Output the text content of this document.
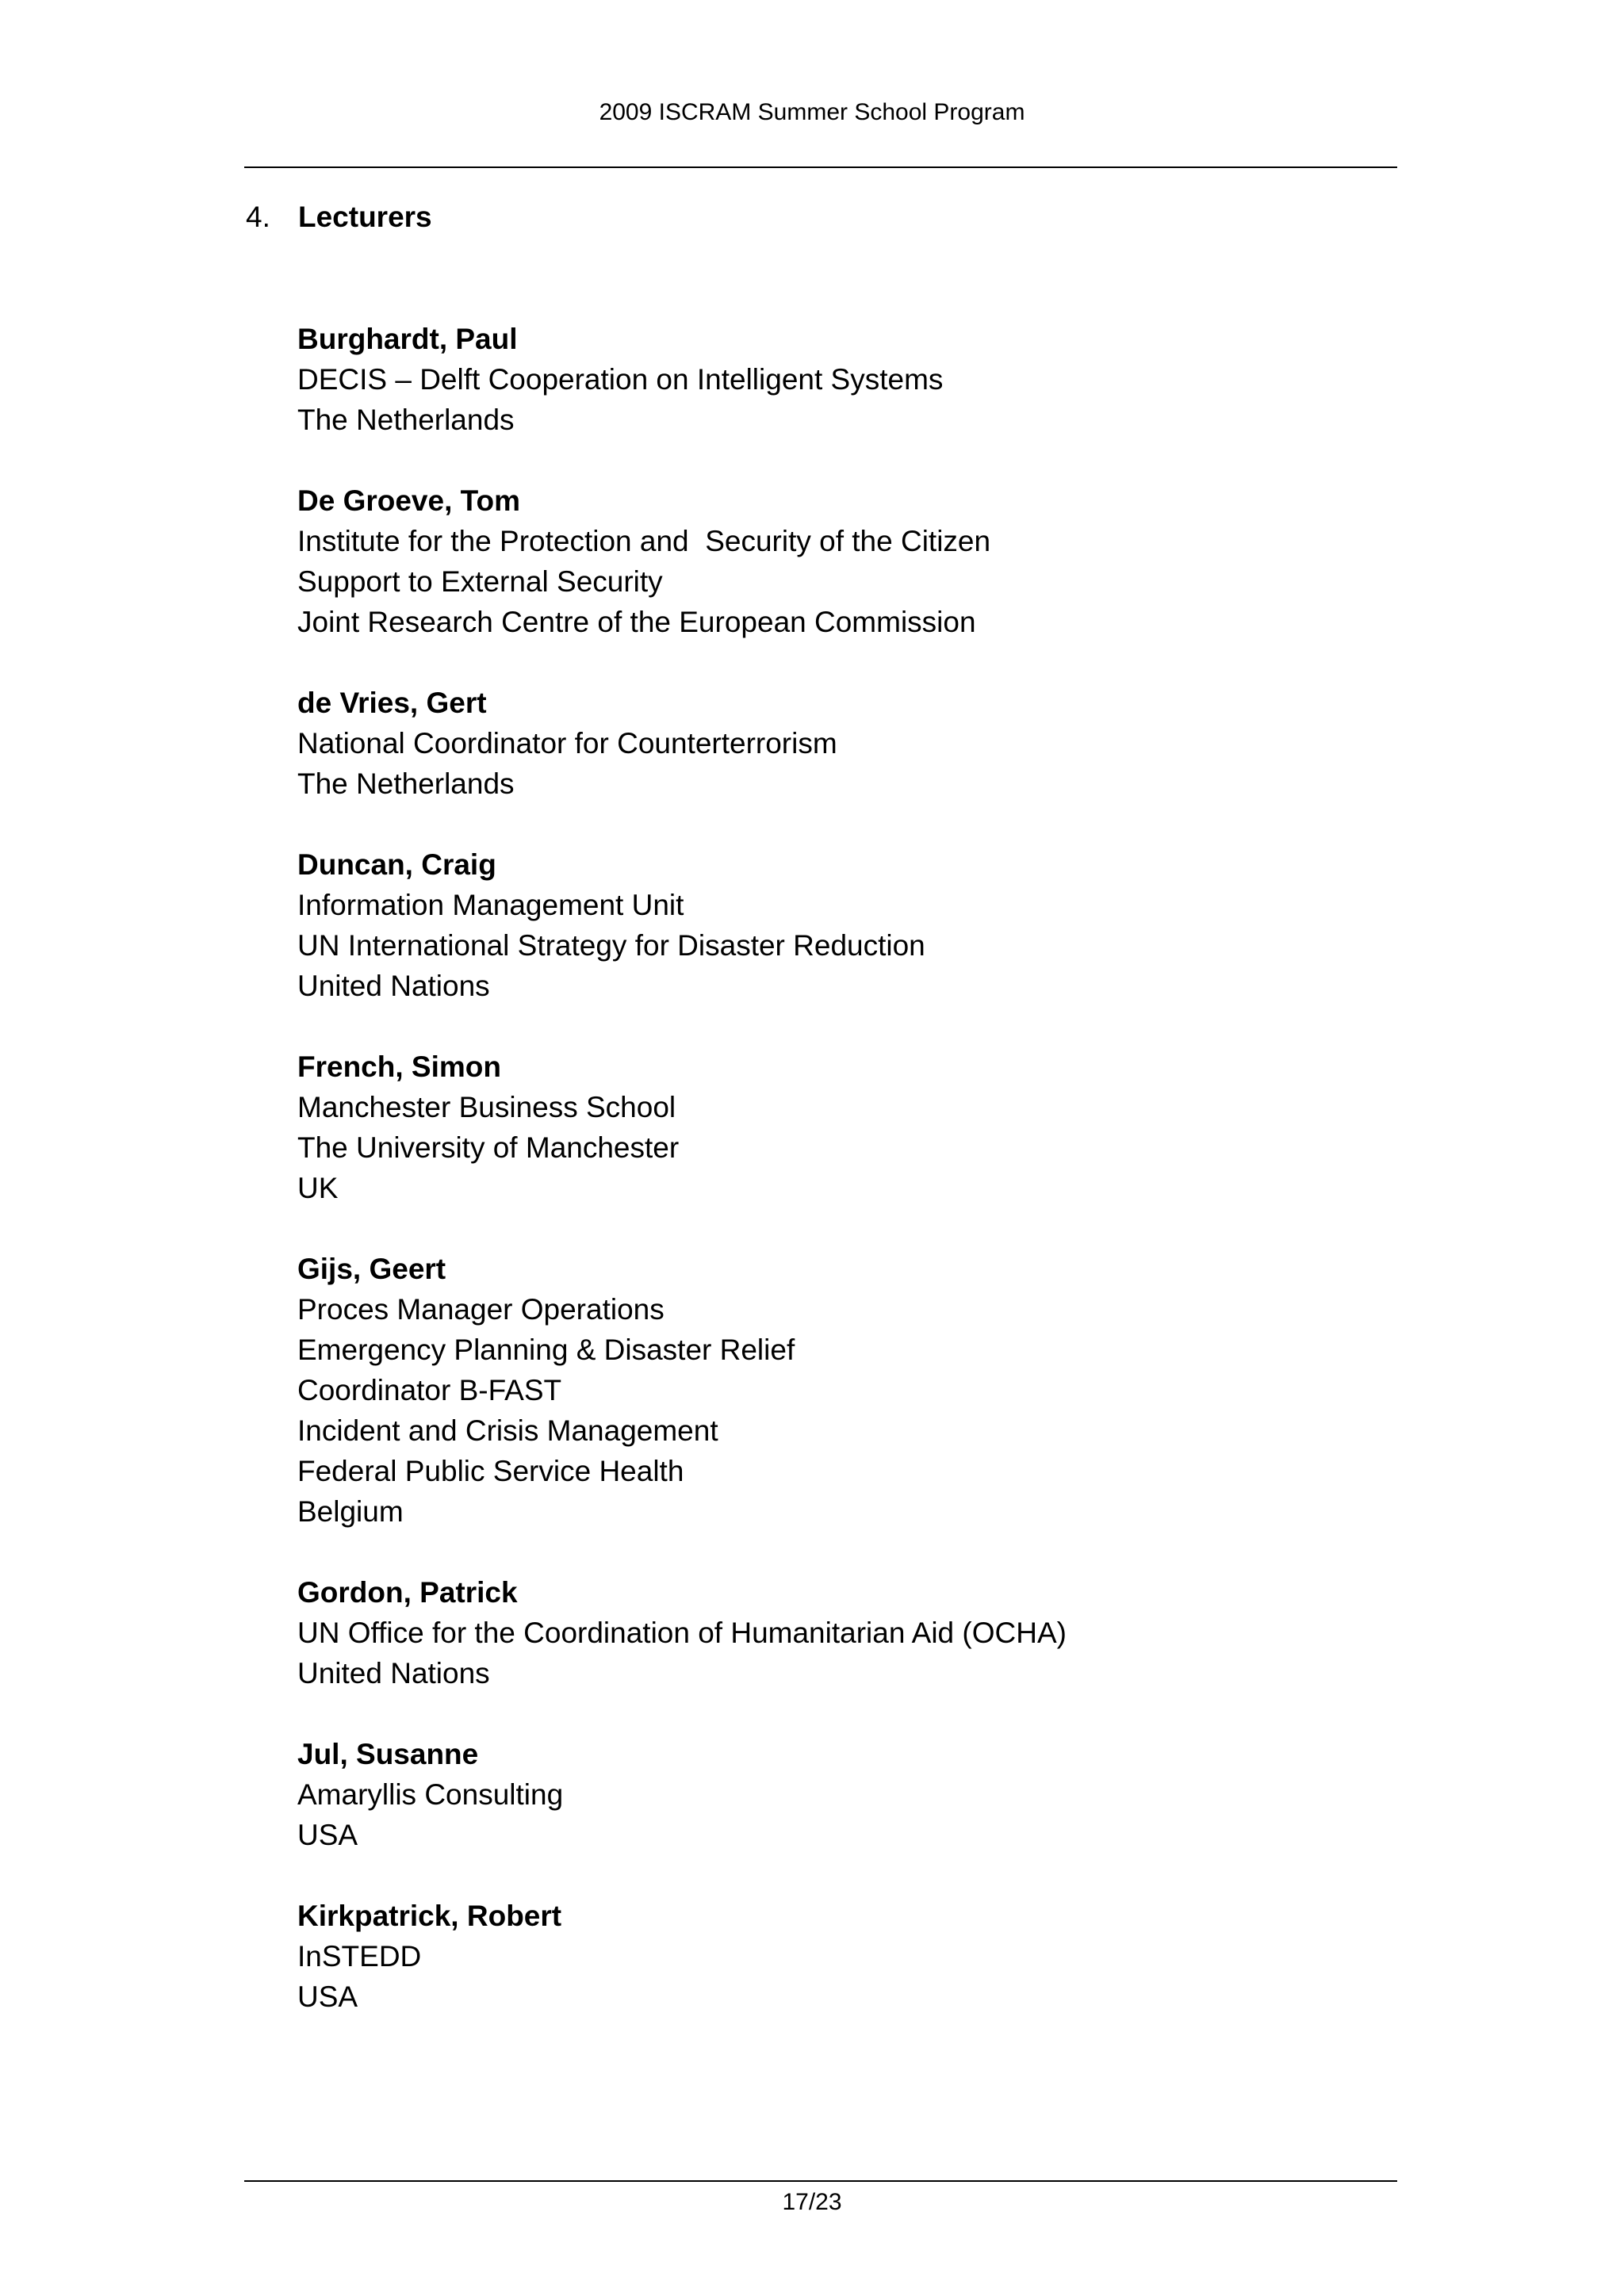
2009 ISCRAM Summer School Program
4. Lecturers
Burghardt, Paul
DECIS – Delft Cooperation on Intelligent Systems
The Netherlands
De Groeve, Tom
Institute for the Protection and  Security of the Citizen
Support to External Security
Joint Research Centre of the European Commission
de Vries, Gert
National Coordinator for Counterterrorism
The Netherlands
Duncan, Craig
Information Management Unit
UN International Strategy for Disaster Reduction
United Nations
French, Simon
Manchester Business School
The University of Manchester
UK
Gijs, Geert
Proces Manager Operations
Emergency Planning & Disaster Relief
Coordinator B-FAST
Incident and Crisis Management
Federal Public Service Health
Belgium
Gordon, Patrick
UN Office for the Coordination of Humanitarian Aid (OCHA)
United Nations
Jul, Susanne
Amaryllis Consulting
USA
Kirkpatrick, Robert
InSTEDD
USA
17/23
